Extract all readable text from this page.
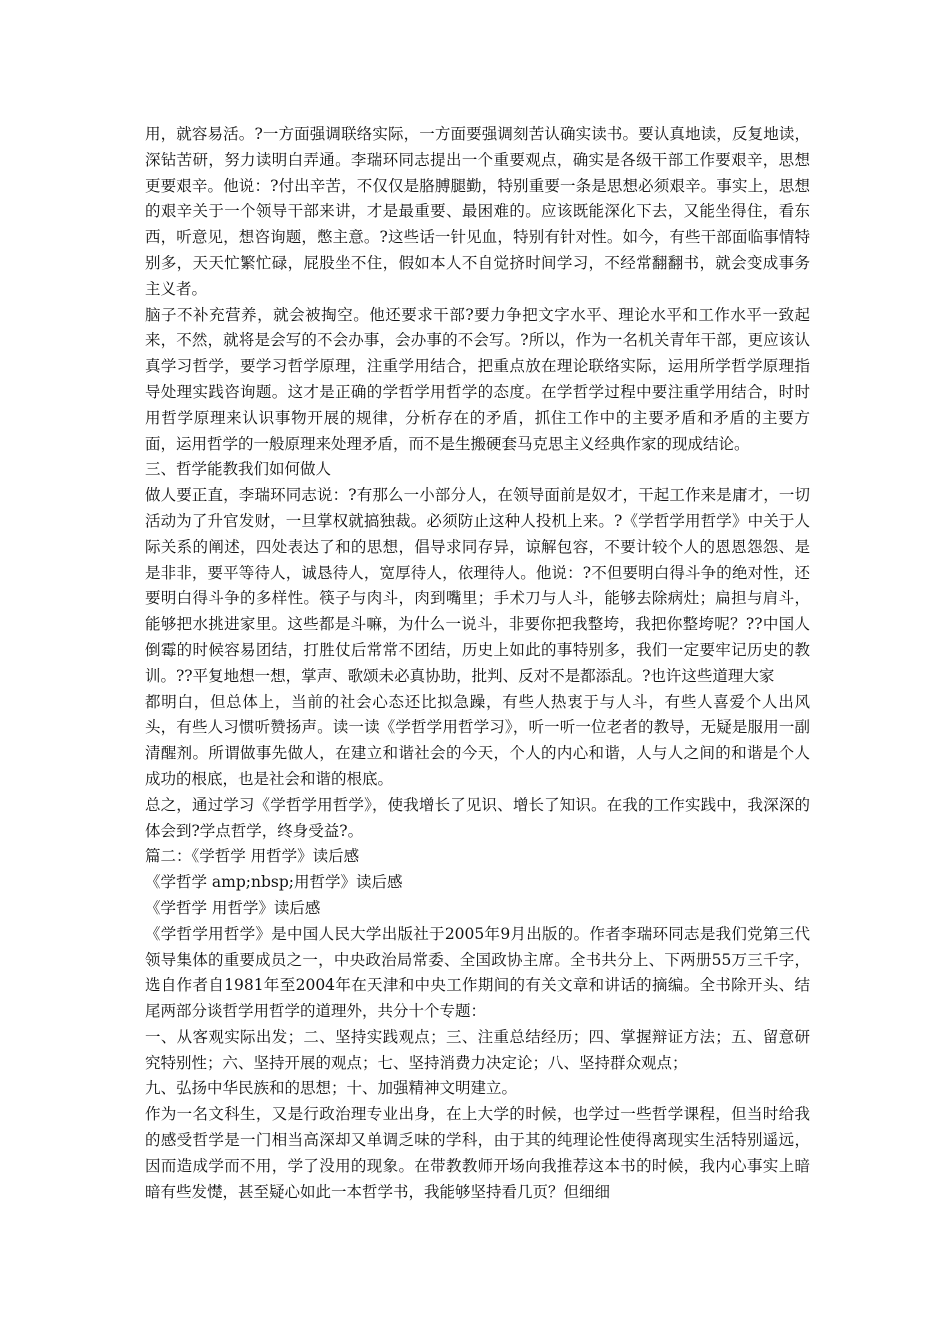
用，就容易活。?一方面强调联络实际，一方面要强调刻苦认确实读书。要认真地读，反复地读，深钻苦研，努力读明白弄通。李瑞环同志提出一个重要观点，确实是各级干部工作要艰辛，思想更要艰辛。他说：?付出辛苦，不仅仅是胳膊腿勤，特别重要一条是思想必须艰辛。事实上，思想的艰辛关于一个领导干部来讲，才是最重要、最困难的。应该既能深化下去，又能坐得住，看东西，听意见，想咨询题，憋主意。?这些话一针见血，特别有针对性。如今，有些干部面临事情特别多，天天忙繁忙碌，屁股坐不住，假如本人不自觉挤时间学习，不经常翻翻书，就会变成事务主义者。

脑子不补充营养，就会被掏空。他还要求干部?要力争把文字水平、理论水平和工作水平一致起来，不然，就将是会写的不会办事，会办事的不会写。?所以，作为一名机关青年干部，更应该认真学习哲学，要学习哲学原理，注重学用结合，把重点放在理论联络实际，运用所学哲学原理指导处理实践咨询题。这才是正确的学哲学用哲学的态度。在学哲学过程中要注重学用结合，时时用哲学原理来认识事物开展的规律，分析存在的矛盾，抓住工作中的主要矛盾和矛盾的主要方面，运用哲学的一般原理来处理矛盾，而不是生搬硬套马克思主义经典作家的现成结论。

三、哲学能教我们如何做人

做人要正直，李瑞环同志说：?有那么一小部分人，在领导面前是奴才，干起工作来是庸才，一切活动为了升官发财，一旦掌权就搞独裁。必须防止这种人投机上来。?《学哲学用哲学》中关于人际关系的阐述，四处表达了和的思想，倡导求同存异，谅解包容，不要计较个人的恩恩怨怨、是是非非，要平等待人，诚恳待人，宽厚待人，依理待人。他说：?不但要明白得斗争的绝对性，还要明白得斗争的多样性。筷子与肉斗，肉到嘴里；手术刀与人斗，能够去除病灶；扁担与肩斗，能够把水挑进家里。这些都是斗嘛，为什么一说斗，非要你把我整垮，我把你整垮呢？??中国人倒霉的时候容易团结，打胜仗后常常不团结，历史上如此的事特别多，我们一定要牢记历史的教训。??平复地想一想，掌声、歌颂未必真协助，批判、反对不是都添乱。?也许这些道理大家

都明白，但总体上，当前的社会心态还比拟急躁，有些人热衷于与人斗，有些人喜爱个人出风头，有些人习惯听赞扬声。读一读《学哲学用哲学习》，听一听一位老者的教导，无疑是服用一副清醒剂。所谓做事先做人，在建立和谐社会的今天，个人的内心和谐，人与人之间的和谐是个人成功的根底，也是社会和谐的根底。

总之，通过学习《学哲学用哲学》，使我增长了见识、增长了知识。在我的工作实践中，我深深的体会到?学点哲学，终身受益?。

篇二：《学哲学 用哲学》读后感

《学哲学 amp;nbsp;用哲学》读后感

《学哲学 用哲学》读后感

《学哲学用哲学》是中国人民大学出版社于2005年9月出版的。作者李瑞环同志是我们党第三代领导集体的重要成员之一，中央政治局常委、全国政协主席。全书共分上、下两册55万三千字，选自作者自1981年至2004年在天津和中央工作期间的有关文章和讲话的摘编。全书除开头、结尾两部分谈哲学用哲学的道理外，共分十个专题：

一、从客观实际出发；二、坚持实践观点；三、注重总结经历；四、掌握辩证方法；五、留意研究特别性；六、坚持开展的观点；七、坚持消费力决定论；八、坚持群众观点；

九、弘扬中华民族和的思想；十、加强精神文明建立。

作为一名文科生，又是行政治理专业出身，在上大学的时候，也学过一些哲学课程，但当时给我的感受哲学是一门相当高深却又单调乏味的学科，由于其的纯理论性使得离现实生活特别遥远，因而造成学而不用，学了没用的现象。在带教教师开场向我推荐这本书的时候，我内心事实上暗暗有些发憷，甚至疑心如此一本哲学书，我能够坚持看几页？但细细
